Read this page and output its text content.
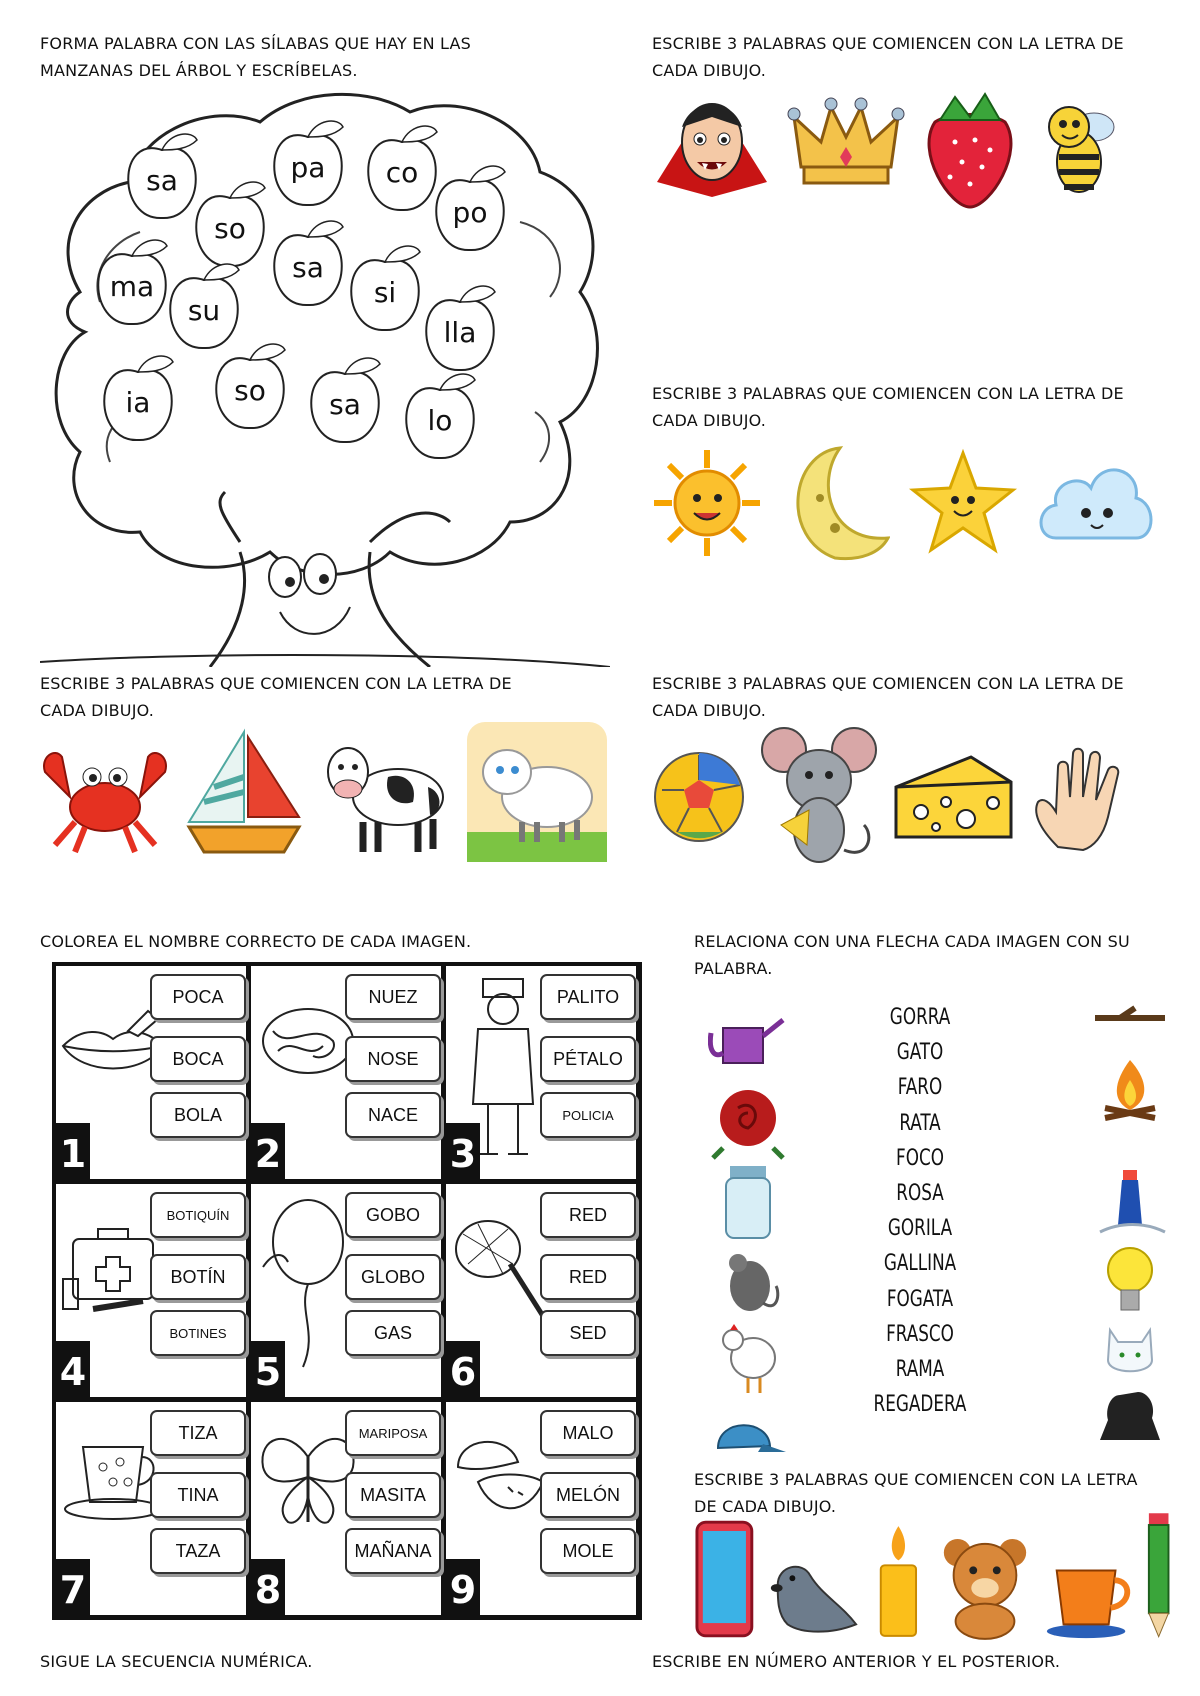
FORMA PALABRA CON LAS SÍLABAS QUE HAY EN LAS MANZANAS DEL ÁRBOL Y ESCRÍBELAS.
ESCRIBE 3 PALABRAS QUE COMIENCEN CON LA LETRA DE CADA DIBUJO.
ESCRIBE 3 PALABRAS QUE COMIENCEN CON LA LETRA DE CADA DIBUJO.
ESCRIBE 3 PALABRAS QUE COMIENCEN CON LA LETRA DE CADA DIBUJO.
ESCRIBE 3 PALABRAS QUE COMIENCEN CON LA LETRA DE CADA DIBUJO.
COLOREA EL NOMBRE CORRECTO DE CADA IMAGEN.	RELACIONA CON UNA FLECHA CADA IMAGEN CON SU PALABRA.
ESCRIBE 3 PALABRAS QUE COMIENCEN CON LA LETRA DE CADA DIBUJO.
SIGUE LA SECUENCIA NUMÉRICA.	ESCRIBE EN NÚMERO ANTERIOR Y EL POSTERIOR.
sa	pa co
so	po
sa
ma
su
si
lla
ia	so sa lo
POCA
BOCA
BOLA
1
NUEZ
NOSE
NACE
2
PALITO
PÉTALO
POLICIA
3
BOTIQUÍN
BOTÍN
BOTINES
4
GOBO
GLOBO
GAS
5
RED
RED
SED
6
TIZA
TINA
TAZA
7
MARIPOSA
MASITA
MAÑANA
8
MALO
MELÓN
MOLE
9
GORRA
GATO
FARO
RATA
FOCO
ROSA
GORILA
GALLINA
FOGATA
FRASCO
RAMA
REGADERA
